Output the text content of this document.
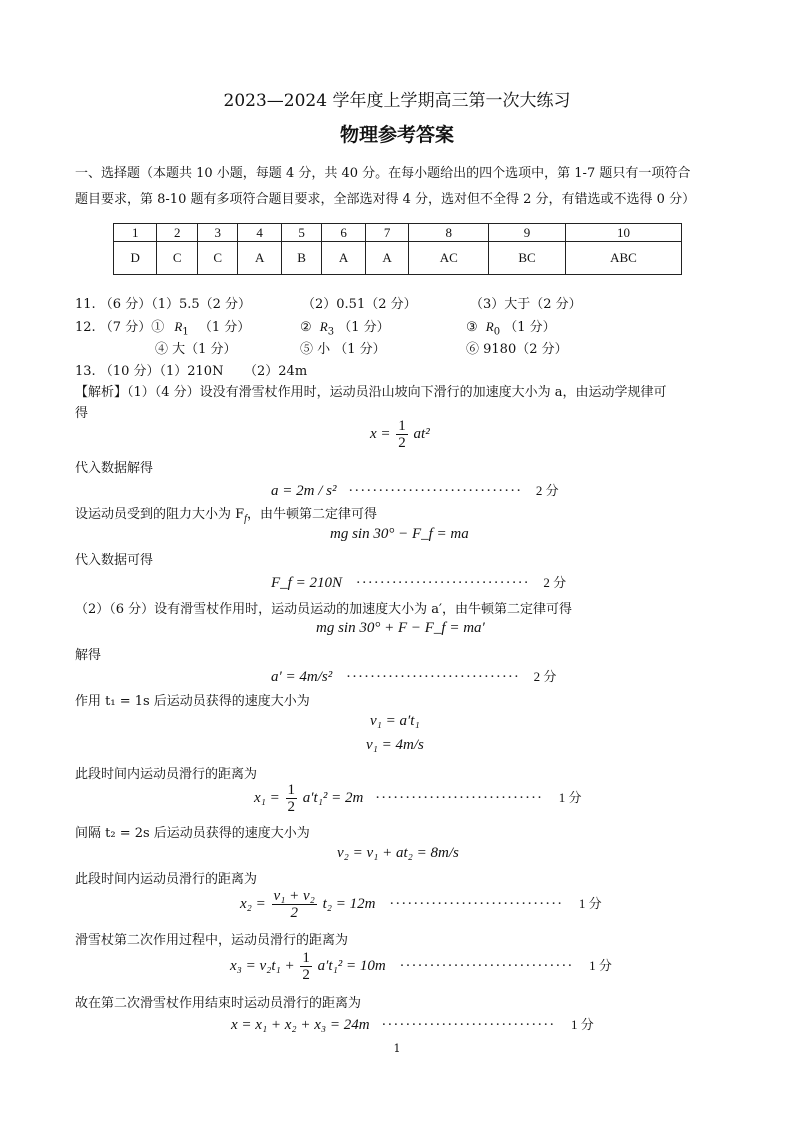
2023—2024 学年度上学期高三第一次大练习
物理参考答案
一、选择题（本题共 10 小题，每题 4 分，共 40 分。在每小题给出的四个选项中，第 1-7 题只有一项符合
题目要求，第 8-10 题有多项符合题目要求，全部选对得 4 分，选对但不全得 2 分，有错选或不选得 0 分）
1	2	3	4	5	6	7	8	9	10
D	C	C	A	B	A	A	AC	BC	ABC
11. （6 分）（1）5.5（2 分）	（2）0.51（2 分）	（3）大于（2 分）
12. （7 分）① $R_1$ （1 分）	② $R_3$ （1 分）	③ $R_0$ （1 分）
④ 大（1 分）	⑤ 小 （1 分）	⑥ 9180（2 分）
13. （10 分）（1）210N （2）24m
【解析】（1）（4 分）设没有滑雪杖作用时，运动员沿山坡向下滑行的加速度大小为 a，由运动学规律可
得
$x = \frac{1}{2} at^2$
代入数据解得
a = 2m / s² ····························· 2 分
设运动员受到的阻力大小为 $F_f$，由牛顿第二定律可得
mg sin 30° − F_f = ma
代入数据可得
F_f = 210N ····························· 2 分
（2）（6 分）设有滑雪杖作用时，运动员运动的加速度大小为 a′，由牛顿第二定律可得
mg sin 30° + F − F_f = ma′
解得
a′ = 4m/s² ····························· 2 分
作用 t₁ = 1s 后运动员获得的速度大小为
v₁ = a′t₁
v₁ = 4m/s
此段时间内运动员滑行的距离为
$x_1 = \frac{1}{2} a't_1^2 = 2m$ ···························· 1 分
间隔 t₂ = 2s 后运动员获得的速度大小为
v₂ = v₁ + at₂ = 8m/s
此段时间内运动员滑行的距离为
$x_2 = \frac{\text{v₁ + v₂}}{2} t_2 = 12m$ ····························· 1 分
滑雪杖第二次作用过程中，运动员滑行的距离为
$x_3 = v_2t_1 + \frac{1}{2} a't_1^2 = 10m$ ····························· 1 分
故在第二次滑雪杖作用结束时运动员滑行的距离为
x = x₁ + x₂ + x₃ = 24m ····························· 1 分
1
